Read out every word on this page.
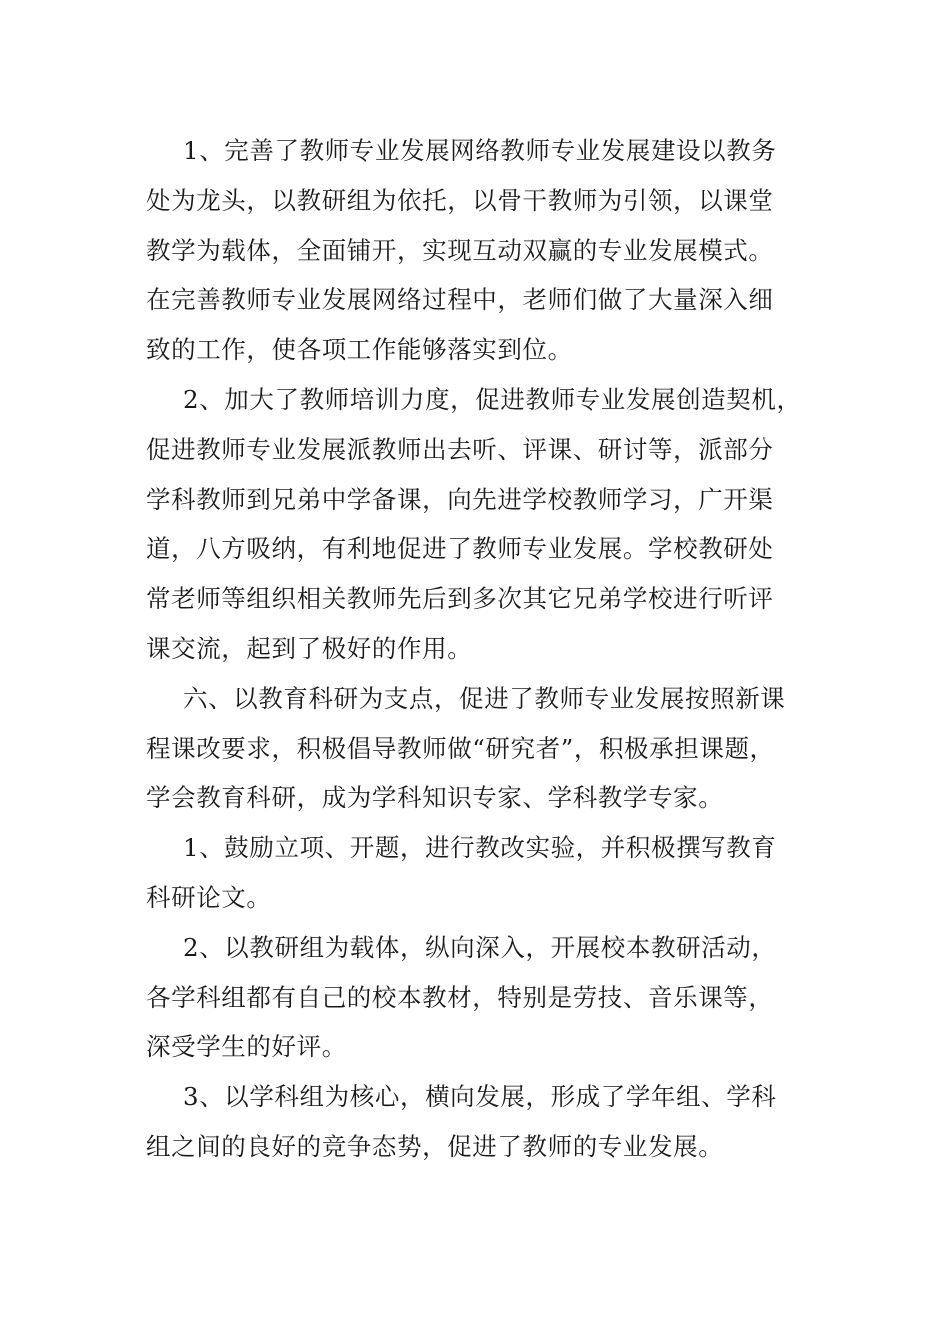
1、完善了教师专业发展网络教师专业发展建设以教务
处为龙头，以教研组为依托，以骨干教师为引领，以课堂
教学为载体，全面铺开，实现互动双赢的专业发展模式。
在完善教师专业发展网络过程中，老师们做了大量深入细
致的工作，使各项工作能够落实到位。

2、加大了教师培训力度，促进教师专业发展创造契机，
促进教师专业发展派教师出去听、评课、研讨等，派部分
学科教师到兄弟中学备课，向先进学校教师学习，广开渠
道，八方吸纳，有利地促进了教师专业发展。学校教研处
常老师等组织相关教师先后到多次其它兄弟学校进行听评
课交流，起到了极好的作用。

六、以教育科研为支点，促进了教师专业发展按照新课
程课改要求，积极倡导教师做“研究者”，积极承担课题，
学会教育科研，成为学科知识专家、学科教学专家。

1、鼓励立项、开题，进行教改实验，并积极撰写教育
科研论文。

2、以教研组为载体，纵向深入，开展校本教研活动，
各学科组都有自己的校本教材，特别是劳技、音乐课等，
深受学生的好评。

3、以学科组为核心，横向发展，形成了学年组、学科
组之间的良好的竞争态势，促进了教师的专业发展。
